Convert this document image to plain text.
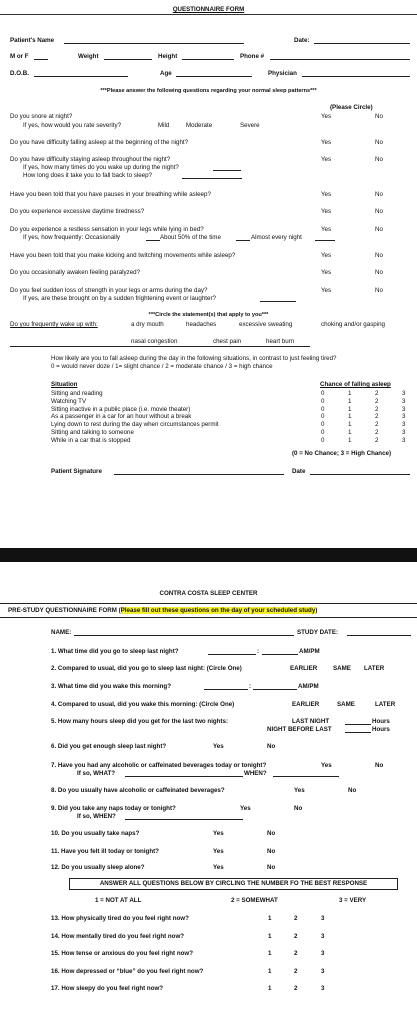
QUESTIONNAIRE FORM
Patient's Name	Date:
M or F	Weight	Height	Phone #
D.O.B.	Age	Physician
***Please answer the following questions regarding your normal sleep patterns***
(Please Circle)
Do you snore at night?	Yes	No
If yes, how would you rate severity?	Mild	Moderate	Severe
Do you have difficulty falling asleep at the beginning of the night?	Yes	No
Do you have difficulty staying asleep throughout the night?	Yes	No
If yes, how many times do you wake up during the night?
How long does it take you to fall back to sleep?
Have you been told that you have pauses in your breathing while asleep?	Yes	No
Do you experience excessive daytime tiredness?	Yes	No
Do you experience a restless sensation in your legs while lying in bed?	Yes	No
If yes, how frequently: Occasionally	About 50% of the time	Almost every night
Have you been told that you make kicking and twitching movements while asleep?	Yes	No
Do you occasionally awaken feeling paralyzed?	Yes	No
Do you feel sudden loss of strength in your legs or arms during the day?	Yes	No
If yes, are these brought on by a sudden frightening event or laughter?
***Circle the statement(s) that apply to you***
Do you frequently wake up with:	a dry mouth	headaches	excessive sweating	choking and/or gasping
nasal congestion	chest pain	heart burn
How likely are you to fall asleep during the day in the following situations, in contrast to just feeling tired?
0 = would never doze / 1= slight chance / 2 = moderate chance / 3 = high chance
Situation	Chance of falling asleep
(0 = No Chance; 3 = High Chance)
Patient Signature	Date
Sitting and reading	0	1	2	3
Watching TV	0	1	2	3
Sitting inactive in a public place (i.e. movie theater)	0	1	2	3
As a passenger in a car for an hour without a break	0	1	2	3
Lying down to rest during the day when circumstances permit	0	1	2	3
Sitting and talking to someone	0	1	2	3
While in a car that is stopped	0	1	2	3
CONTRA COSTA SLEEP CENTER
PRE-STUDY QUESTIONNAIRE FORM (Please fill out these questions on the day of your scheduled study)
NAME:	STUDY DATE:
1. What time did you go to sleep last night?	:	AM/PM
2. Compared to usual, did you go to sleep last night: (Circle One)	EARLIER	SAME LATER
3. What time did you wake this morning?	:	AM/PM
4. Compared to usual, did you wake this morning: (Circle One)	EARLIER	SAME	LATER
5. How many hours sleep did you get for the last two nights:	LAST NIGHT	Hours
NIGHT BEFORE LAST	Hours
6. Did you get enough sleep last night?	Yes	No
7. Have you had any alcoholic or caffeinated beverages today or tonight?	Yes	No
If so, WHAT?	WHEN?
8. Do you usually have alcoholic or caffeinated beverages?	Yes	No
9. Did you take any naps today or tonight?	Yes	No
If so, WHEN?
10. Do you usually take naps?	Yes	No
11. Have you felt ill today or tonight?	Yes	No
12. Do you usually sleep alone?	Yes	No
ANSWER ALL QUESTIONS BELOW BY CIRCLING THE NUMBER FO THE BEST RESPONSE
1 = NOT AT ALL	2 = SOMEWHAT	3 = VERY
13. How physically tired do you feel right now?	1	2	3
14. How mentally tired do you feel right now?	1	2	3
15. How tense or anxious do you feel right now?	1	2	3
16. How depressed or “blue” do you feel right now?	1	2	3
17. How sleepy do you feel right now?	1	2	3
